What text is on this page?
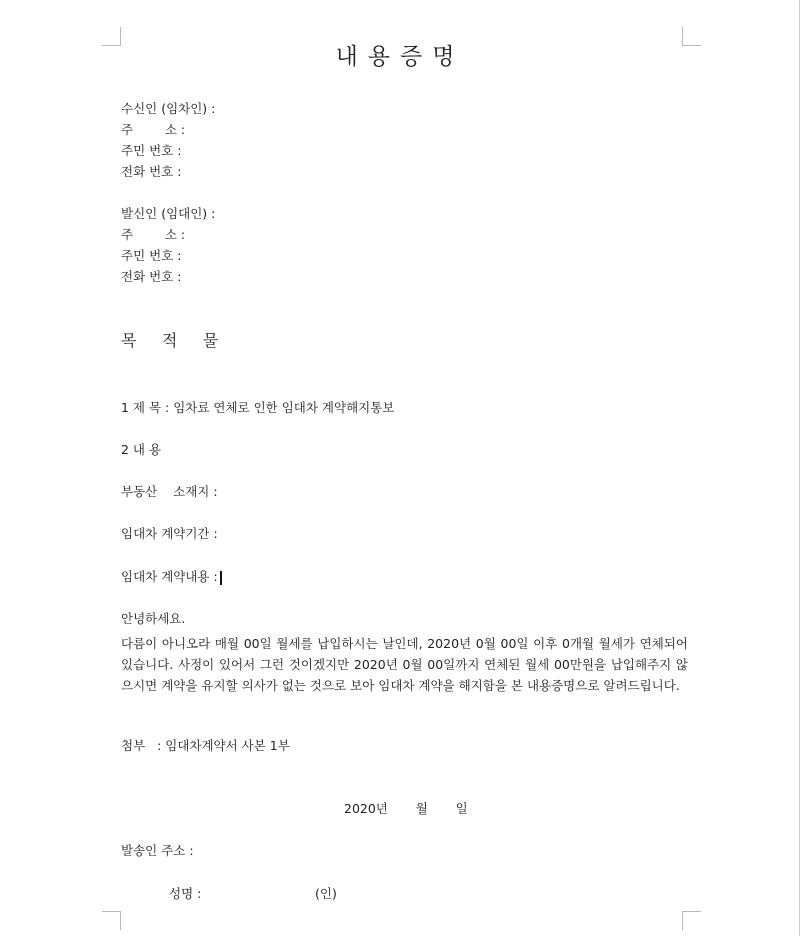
내용증명
수신인 (임차인) :
주        소 :
주민 번호 :
전화 번호 :
발신인 (임대인) :
주        소 :
주민 번호 :
전화 번호 :
목     적     물
1 제 목 : 임차료 연체로 인한 임대차 계약해지통보
2 내 용
부동산    소재지 :
임대차 계약기간 :
임대차 계약내용 :
안녕하세요.
다름이 아니오라 매월 00일 월세를 납입하시는 날인데, 2020년 0월 00일 이후 0개월 월세가 연체되어 있습니다. 사정이 있어서 그런 것이겠지만 2020년 0월 00일까지 연체된 월세 00만원을 납입해주지 않으시면 계약을 유지할 의사가 없는 것으로 보아 임대차 계약을 해지함을 본 내용증명으로 알려드립니다.
첨부   : 임대차계약서 사본 1부
2020년       월       일
발송인 주소 :
성명 :	(인)
